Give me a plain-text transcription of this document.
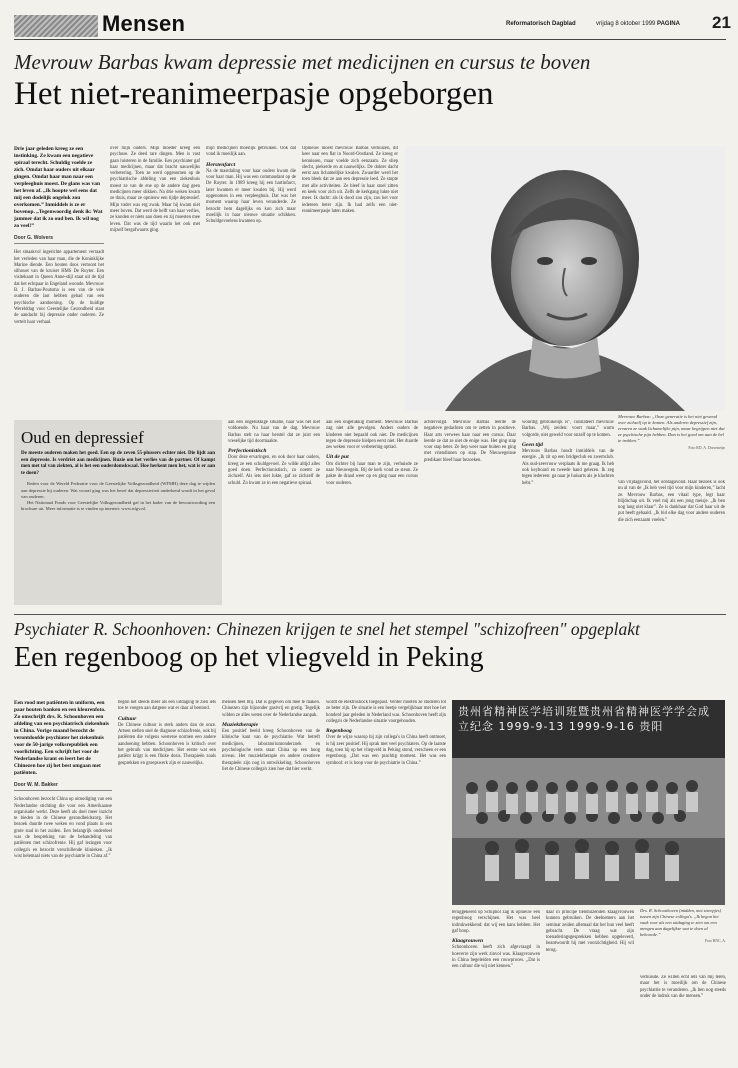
Mensen	Reformatorisch Dagblad	vrijdag 8 oktober 1999 PAGINA 21
Mevrouw Barbas kwam depressie met medicijnen en cursus te boven
Het niet-reanimeerpasje opgeborgen
Drie jaar geleden kreeg ze een instinking. Ze kwam een negatieve spiraal terecht. Schuldig voelde ze zich. Omdat haar ouders uit elkaar gingen. Omdat haar man naar een verpleeghuis moest. De glans was van het leven af. „Ik hoopte wel eens dat mij een dodelijk ongeluk zou overkomen.” Inmiddels is ze er bovenop. „Tegenwoordig denk ik: Wat jammer dat ik zo oud ben. Ik wil nog zo veel!”
Door G. Wolvers
Het smaakvol ingerichte appartement verraadt het verleden van haar man, die de Koninklijke Marine diende. Een houten doos vertoont het silhouet van de kruiser HMS De Ruyter. Een visitekaart in Queen Anne-stijl staat uit de tijd dat het echtpaar in Engeland woonde. Mevrouw B. J. Barbas-Poutsma is een van de vele ouderen die last hebben gehad van een psychische aandoening. Op de huidige Werelddag voor Geestelijke Gezondheid staat de aandacht bij depressie onder ouderen. Ze vertelt haar verhaal.
over mijn ouders. Mijn moeder kreeg een psychose. Ze deed rare dingen. Men is vast gaan luisteren in de familie. Een psychiater gaf haar medicijnen, maar dat bracht nauwelijks verbetering. Toen ze werd opgenomen op de psychiatrische afdeling van een ziekenhuis moest ze van de ene op de andere dag geen medicijnen meer slikken. Na drie weken kwam ze thuis, maar ze opnieuw een tijdje depressief. Mijn vader was erg zwak. Maar hij kwam niet meer boven. Dat werd de helft van haar verlies, ze konden er niets aan doen en zij moesten mee leven. Dat was de tijd waarin het ook met mijzelf bergafwaarts ging.
mijn medicijnen moeilijk gebruiken. Ook dat vond ik moeilijk aan.
Herstenfarct
Na de mastdaling voor haar ouders kwam die voor haar man. Hij was een commandant op de De Ruyter. In 1989 kreeg hij een hartinfarct, later kwamen er meer kwalen bij. Hij werd opgenomen in een verpleeghuis. Dat was het moment waarop haar leven veranderde. Ze bezocht hem dagelijks en kon zich maar moeilijk in haar nieuwe situatie schikken. Schuldgevoelens kwamen op.
Opnieuw moest mevrouw Barbas verhuizen, dit keer naar een flat in Noord-Oostland. Ze kreeg er kennissen, maar voelde zich eenzaam. Ze sliep slecht, piekerde en at nauwelijks. De dokter dacht eerst aan lichamelijke kwalen. Zwaarder werd het toen bleek dat ze aan een depressie leed. Ze stopte met alle activiteiten. Ze bleef in haar stoel zitten en keek voor zich uit. Zelfs de kerkgang lukte niet meer. Ik dacht: als ik dood zou zijn, zou het voor iedereen beter zijn. Ik had zelfs een niet-reanimeerpasje laten maken.
Oud en depressief
De meeste ouderen maken het goed. Een op de zeven 55-plussers echter niet. Die lijdt aan een depressie. Is verdriet aan medicijnen. Ruzie om het verlies van de partner. Of kampt men met tal van ziekten, al is het een ouderdomskwaal. Hoe herkent men het, wat is er aan te doen?

Reden voor de Wereld Federatie voor de Geestelijke Volksgezondheid (WFMH) deze dag te wijden aan depressie bij ouderen. Wat vooraf ging was het besef dat depressiviteit onderkend wordt in het geval van ouderen.

Het Nationaal Fonds voor Geestelijke Volksgezondheid gaf in het kader van de bewustwording een brochure uit. Meer informatie is te vinden op internet: www.nfgv.nl.

aan een ongelukkige situatie, haar was het niet voldoende. Nu haar van de dag. Mevrouw Barbas stelt na haar herstel dat ze juist een vreselijke tijd doormaakte.
Perfectionistisch
Door deze ervaringen, en ook door haar ouders, kreeg ze een schuldgevoel. Ze wilde altijd alles goed doen. Perfectionistisch, zo noemt ze zichzelf. Als iets niet lukte, gaf ze zichzelf de schuld. Zo kwam ze in een negatieve spiraal.
aan een ongelukkig moment. Mevrouw Barbas zag niet alle gevolgen. Anders ouders de kinderen niet bepaald ook niet. De medicijnen tegen de depressie hielpen eerst niet. Het duurde zes weken voor er verbetering optrad.
Uit de put
Om dichter bij haar man te zijn, verhuisde ze naar Nieuwegein. Bij de kerk vond ze steun. Ze pakte de draad weer op en ging naar een cursus voor ouderen.
achtervolgd. Mevrouw Barbas leerde de negatieve gedachten om te zetten in positieve. Haar arts verwees haar naar een cursus. Daar leerde ze dat ze niet de enige was. Het ging stap voor stap beter. Ze liep weer naar buiten en ging met vriendinnen op stap. De Nieuwegeinse predikant bleef haar bezoeken.
woordig gebruikelijk is”, constateert mevrouw Barbas. „Wij zeiden: voort maar,” warm volgorde, niet geweld voor onzelf op te komen.
Geen tijd
Mevrouw Barbas houdt inmiddels van de energie. „Ik zit op een bridgeclub en zwemclub. Als oud-zeevrouw verplaats ik me graag. Ik heb ook keyboard en tweede hand gelezen. Ik zeg tegen iedereen: ga naar je huisarts als je klachten hebt.”
Mevrouw Barbas: „Onze generatie is het niet gewend over zichzelf op te komen. Als anderen depressief zijn, ervaren ze vaak lichamelijke pijn, maar begrijpen niet dat ze psychische pijn hebben. Dan is het goed om aan de bel te trekken.”
Foto RD, A. Dorresteijn
van vrijdagavond, het oordagavond. Haar bezoek is ook nu al van de „Ik heb veel tijd voor mijn kinderen,” lacht ze. Mevrouw Barbas, een vitaal type, legt haar blijdschap uit. Ik voel mij als een jong meisje. „Ik ben nog lang niet klaar”. Ze is dankbaar dat God haar uit de put heeft gehaald. „Ik bid elke dag voor andere ouderen die zich eenzaam voelen.”
Psychiater R. Schoonhoven: Chinezen krijgen te snel het stempel "schizofreen" opgeplakt
Een regenboog op het vliegveld in Peking
Een rood met patiënten in uniform, een paar houten banken en een kleurenfoto. Zo omschrijft drs. R. Schoonhoven een afdeling van een psychiatrisch ziekenhuis in China. Vorige maand bezocht de verontdoofde psychiater het ziekenhuis voor de 50-jarige volksrepubliek een voorlichting. Een schrijft het voor de Nederlandse krant en leert het de Chinezen hoe zij het best omgaan met patiënten.
Door W. M. Bakker
Schoonhoven bezocht China op uitnodiging van een Nederlandse stichting die voor een Amerikaanse organisatie werkt. Deze heeft als doel meer inzicht te bieden in de Chinese gezondheidszorg. Het bezoek duurde twee weken en vond plaats in een grote stad in het zuiden. Een belangrijk onderdeel was de bespreking van de behandeling van patiënten met schizofrenie. Hij gaf lezingen voor collega's en bezocht verschillende klinieken. „Ik wist helemaal niets van de psychiatrie in China af.”
begon het steeds meer als een uitdaging te zien iets toe te voegen aan datgene wat er daar al bestond.
Cultuur
De Chinese cultuur is sterk anders dan de onze. Artsen stellen snel de diagnose schizofrenie, ook bij patiënten die volgens westerse normen een andere aandoening hebben. Schoonhoven is kritisch over het gebruik van medicijnen. Het eerste wat een patiënt krijgt is een flinke dosis. Therapieën zoals gesprekken en groepswerk zijn er nauwelijks.
mensen heel blij. Dat is gegeven om mee te maken. Chinezen zijn bijzonder gastvrij en gretig. Tegelijk wilden ze alles weten over de Nederlandse aanpak.
Muziektherapie
Een positief beeld kreeg Schoonhoven van de klinische kant van de psychiatrie. Wat betreft medicijnen, laboratoriumonderzoek en psychologische tests staat China op een hoog niveau. Het muziektherapie en andere creatieve therapieën zijn nog in ontwikkeling. Schoonhoven liet de Chinese collega's zien hoe dat hier werkt.
wordt de elektroshock toegepast. Verder moeten ze studeren tot ze beter zijn. De situatie is een beetje vergelijkbaar met hoe het honderd jaar geleden in Nederland was. Schoonhoven heeft zijn collega's de Nederlandse situatie voorgehouden.
Regenboog
Over de wijze waarop hij zijn collega's in China heeft ontmoet, is hij zeer positief. Hij sprak met veel psychiaters. Op de laatste dag, toen hij op het vliegveld in Peking stond, verscheen er een regenboog. „Dat was een prachtig moment. Het was een symbool: er is hoop voor de psychiatrie in China.”
贵州省精神医学培训班暨贵州省精神医学学会成立纪念 1999-9-13 1999-9-16 贵阳
teruggekeerd op Schiphol zag ik opnieuw een regenboog verschijnen. Het was heel indrukwekkend: dat wij een kans hebben. Het gaf hoop.
Klaagrouwen
Schoonhoven heeft zich afgevraagd in hoeverre zijn werk zinvol was. Klaagvrouwen in China begeleiden een rouwproces. „Dat is een cultuur die wij niet kennen.”
daar in principe tienduizenden klaagvrouwen kunnen gebruiken. De deelnemers aan het seminar zeiden allemaal dat het hun veel heeft gebracht. De vraag wat zijn toenaderingsgesprekken hebben opgeleverd, beantwoordt hij met voorzichtigheid. Hij wil terug.
Drs. R. Schoonhoven (midden, met streepjes) tussen zijn Chinese collega's. „Ik begon het vaak voor als een uitdaging te zien om een mengen aan dagelijkse wat te doen al behoorde.”
Foto RNC, A.
verhuisde. Ze willen echt iets van mij leren, maar het is moeilijk om de Chinese psychiatrie te veranderen. „Ik ben nog steeds onder de indruk van die mensen.”
